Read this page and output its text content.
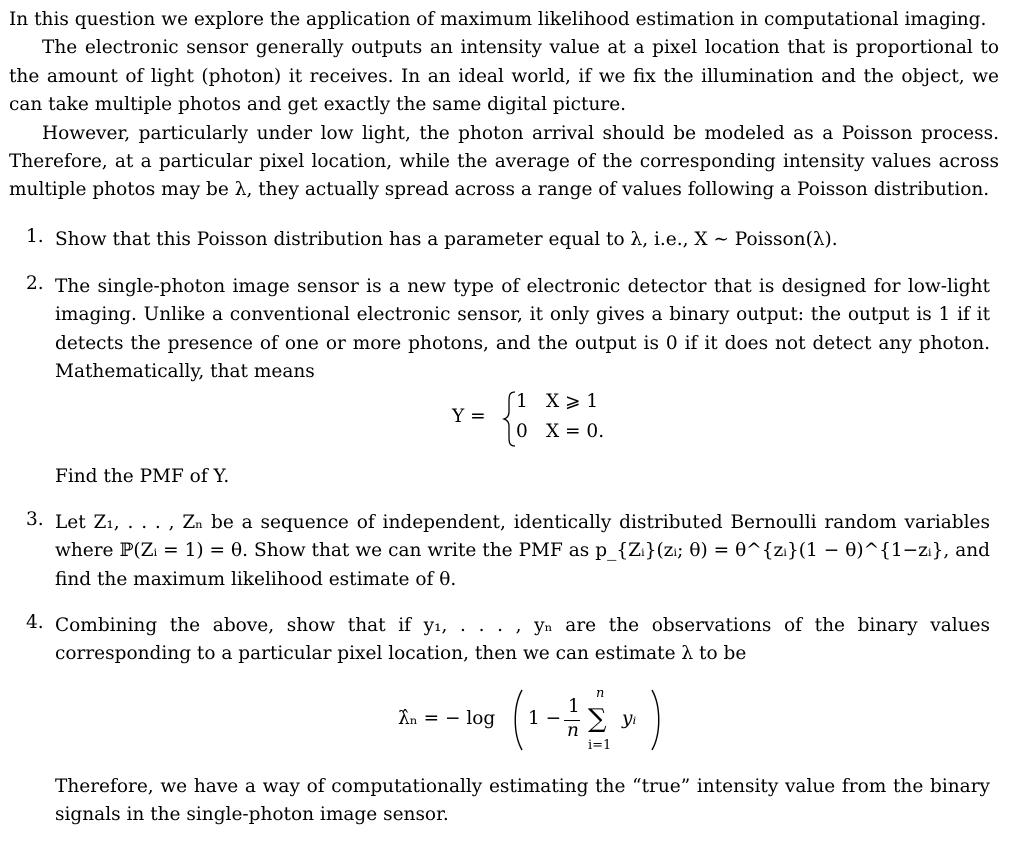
In this question we explore the application of maximum likelihood estimation in computational imaging.

The electronic sensor generally outputs an intensity value at a pixel location that is proportional to the amount of light (photon) it receives. In an ideal world, if we fix the illumination and the object, we can take multiple photos and get exactly the same digital picture.

However, particularly under low light, the photon arrival should be modeled as a Poisson process. Therefore, at a particular pixel location, while the average of the corresponding intensity values across multiple photos may be λ, they actually spread across a range of values following a Poisson distribution.

1. Show that this Poisson distribution has a parameter equal to λ, i.e., X ∼ Poisson(λ).

2. The single-photon image sensor is a new type of electronic detector that is designed for low-light imaging. Unlike a conventional electronic sensor, it only gives a binary output: the output is 1 if it detects the presence of one or more photons, and the output is 0 if it does not detect any photon. Mathematically, that means

Find the PMF of Y.

Y =
1 X ⩾ 1
0 X = 0.
3. Let Z₁, . . . , Zₙ be a sequence of independent, identically distributed Bernoulli random variables where ℙ(Zᵢ = 1) = θ. Show that we can write the PMF as p_{Zᵢ}(zᵢ; θ) = θ^{zᵢ}(1 − θ)^{1−zᵢ}, and find the maximum likelihood estimate of θ.

4. Combining the above, show that if y₁, . . . , yₙ are the observations of the binary values corresponding to a particular pixel location, then we can estimate λ to be

Therefore, we have a way of computationally estimating the “true” intensity value from the binary signals in the single-photon image sensor.

λ̂ₙ = − log 1 −
1
n
n
∑
i=1
yᵢ
